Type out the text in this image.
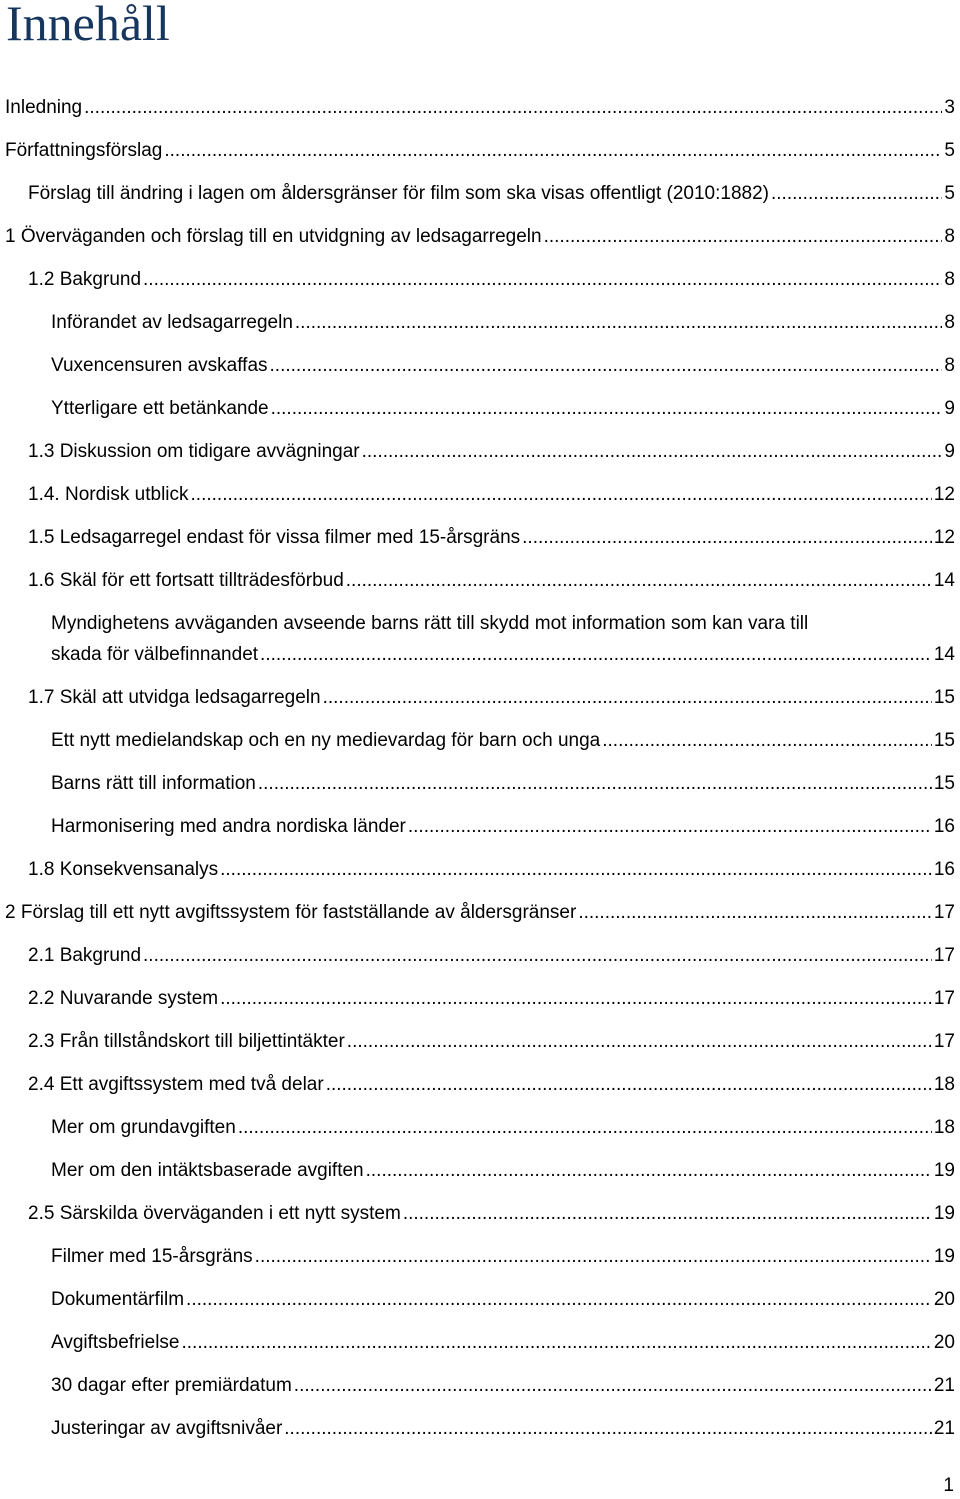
Innehåll
Inledning .....	3
Författningsförslag .....	5
Förslag till ändring i lagen om åldersgränser för film som ska visas offentligt (2010:1882) .....	5
1 Överväganden och förslag till en utvidgning av ledsagarregeln .....	8
1.2 Bakgrund .....	8
Införandet av ledsagarregeln .....	8
Vuxencensuren avskaffas .....	8
Ytterligare ett betänkande .....	9
1.3 Diskussion om tidigare avvägningar .....	9
1.4. Nordisk utblick .....	12
1.5 Ledsagarregel endast för vissa filmer med 15-årsgräns .....	12
1.6 Skäl för ett fortsatt tillträdesförbud .....	14
Myndighetens avväganden avseende barns rätt till skydd mot information som kan vara till
skada för välbefinnandet .....	14
1.7 Skäl att utvidga ledsagarregeln .....	15
Ett nytt medielandskap och en ny medievardag för barn och unga .....	15
Barns rätt till information .....	15
Harmonisering med andra nordiska länder .....	16
1.8 Konsekvensanalys .....	16
2 Förslag till ett nytt avgiftssystem för fastställande av åldersgränser .....	17
2.1 Bakgrund .....	17
2.2 Nuvarande system .....	17
2.3 Från tillståndskort till biljettintäkter .....	17
2.4 Ett avgiftssystem med två delar .....	18
Mer om grundavgiften .....	18
Mer om den intäktsbaserade avgiften .....	19
2.5 Särskilda överväganden i ett nytt system .....	19
Filmer med 15-årsgräns .....	19
Dokumentärfilm .....	20
Avgiftsbefrielse .....	20
30 dagar efter premiärdatum .....	21
Justeringar av avgiftsnivåer .....	21
1
